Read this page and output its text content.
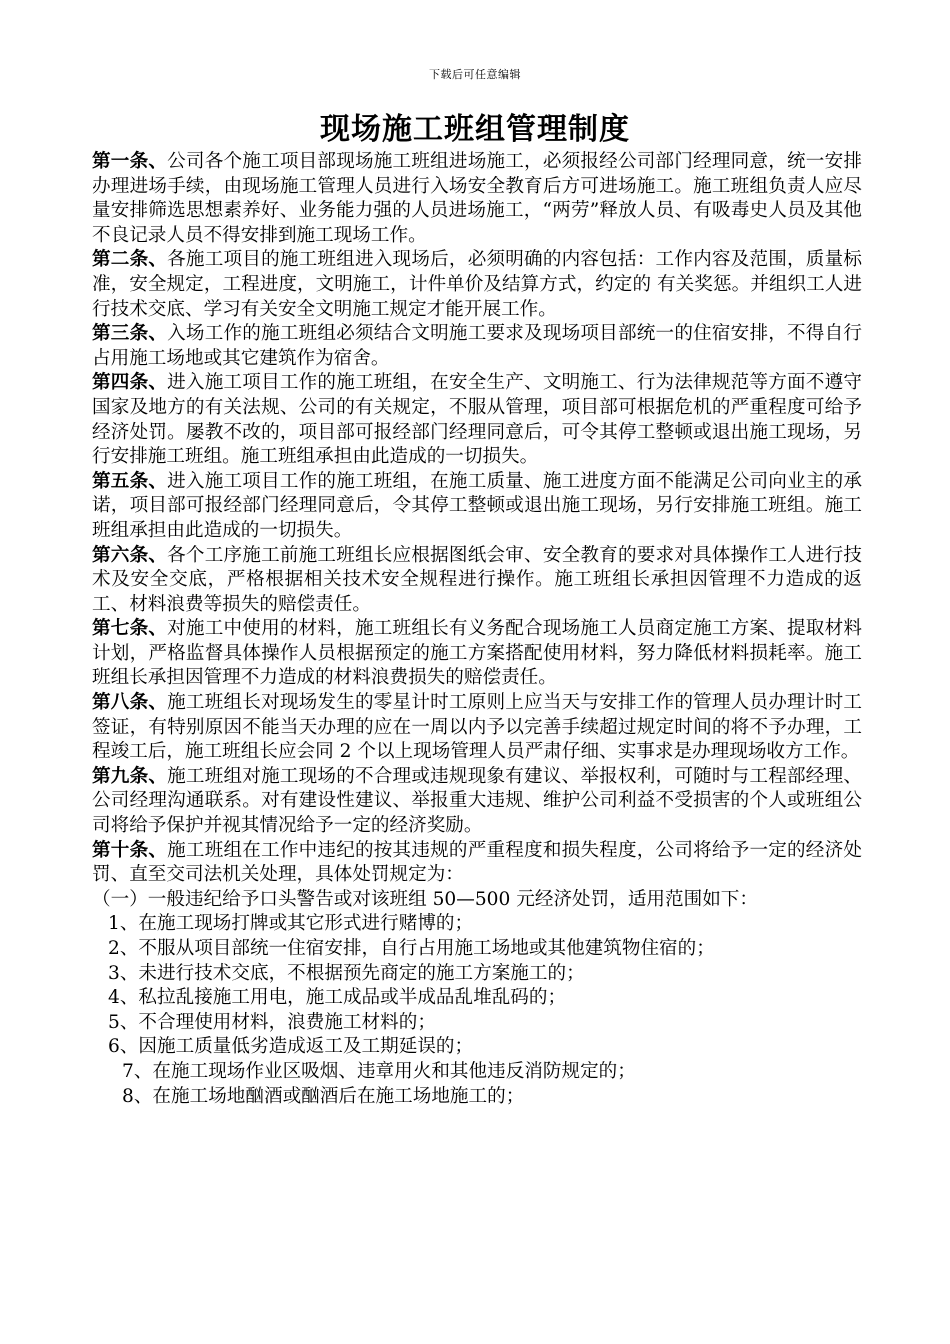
下载后可任意编辑
现场施工班组管理制度

第一条、公司各个施工项目部现场施工班组进场施工，必须报经公司部门经理同意，统一安排办理进场手续，由现场施工管理人员进行入场安全教育后方可进场施工。施工班组负责人应尽量安排筛选思想素养好、业务能力强的人员进场施工，“两劳”释放人员、有吸毒史人员及其他不良记录人员不得安排到施工现场工作。

第二条、各施工项目的施工班组进入现场后，必须明确的内容包括：工作内容及范围，质量标准，安全规定，工程进度，文明施工，计件单价及结算方式，约定的 有关奖惩。并组织工人进行技术交底、学习有关安全文明施工规定才能开展工作。

第三条、入场工作的施工班组必须结合文明施工要求及现场项目部统一的住宿安排，不得自行占用施工场地或其它建筑作为宿舍。

第四条、进入施工项目工作的施工班组，在安全生产、文明施工、行为法律规范等方面不遵守国家及地方的有关法规、公司的有关规定，不服从管理，项目部可根据危机的严重程度可给予经济处罚。屡教不改的，项目部可报经部门经理同意后，可令其停工整顿或退出施工现场，另行安排施工班组。施工班组承担由此造成的一切损失。

第五条、进入施工项目工作的施工班组，在施工质量、施工进度方面不能满足公司向业主的承诺，项目部可报经部门经理同意后，令其停工整顿或退出施工现场，另行安排施工班组。施工班组承担由此造成的一切损失。

第六条、各个工序施工前施工班组长应根据图纸会审、安全教育的要求对具体操作工人进行技术及安全交底，严格根据相关技术安全规程进行操作。施工班组长承担因管理不力造成的返工、材料浪费等损失的赔偿责任。

第七条、对施工中使用的材料，施工班组长有义务配合现场施工人员商定施工方案、提取材料计划，严格监督具体操作人员根据预定的施工方案搭配使用材料，努力降低材料损耗率。施工班组长承担因管理不力造成的材料浪费损失的赔偿责任。

第八条、施工班组长对现场发生的零星计时工原则上应当天与安排工作的管理人员办理计时工签证，有特别原因不能当天办理的应在一周以内予以完善手续超过规定时间的将不予办理，工程竣工后，施工班组长应会同 2 个以上现场管理人员严肃仔细、实事求是办理现场收方工作。

第九条、施工班组对施工现场的不合理或违规现象有建议、举报权利，可随时与工程部经理、公司经理沟通联系。对有建设性建议、举报重大违规、维护公司利益不受损害的个人或班组公司将给予保护并视其情况给予一定的经济奖励。

第十条、施工班组在工作中违纪的按其违规的严重程度和损失程度，公司将给予一定的经济处罚、直至交司法机关处理，具体处罚规定为：

（一）一般违纪给予口头警告或对该班组 50—500 元经济处罚，适用范围如下：

1、在施工现场打牌或其它形式进行赌博的；

2、不服从项目部统一住宿安排，自行占用施工场地或其他建筑物住宿的；

3、未进行技术交底，不根据预先商定的施工方案施工的；

4、私拉乱接施工用电，施工成品或半成品乱堆乱码的；

5、不合理使用材料，浪费施工材料的；

6、因施工质量低劣造成返工及工期延误的；

7、在施工现场作业区吸烟、违章用火和其他违反消防规定的；

8、在施工场地酗酒或酗酒后在施工场地施工的；
